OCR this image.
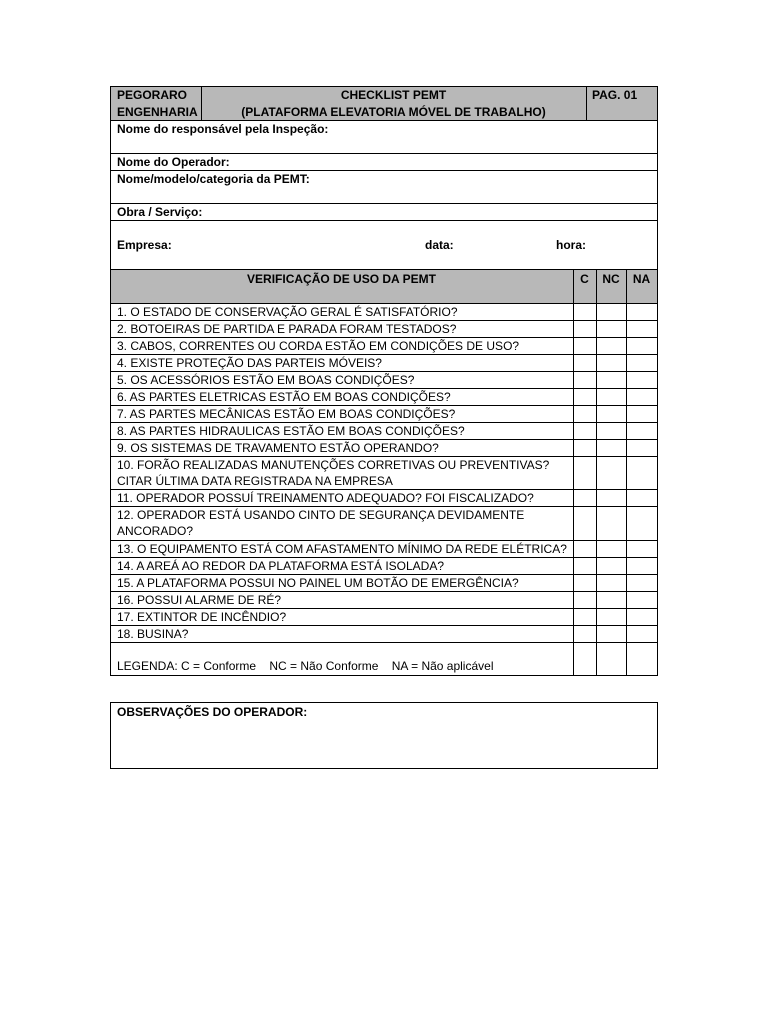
PEGORARO
ENGENHARIA
CHECKLIST PEMT
(PLATAFORMA ELEVATORIA MÓVEL DE TRABALHO)
PAG. 01
Nome do responsável pela Inspeção:
Nome do Operador:
Nome/modelo/categoria da PEMT:
Obra / Serviço:
Empresa:	data:	hora:
VERIFICAÇÃO DE USO DA PEMT	C	NC	NA
1. O ESTADO DE CONSERVAÇÃO GERAL É SATISFATÓRIO?
2. BOTOEIRAS DE PARTIDA E PARADA FORAM TESTADOS?
3. CABOS, CORRENTES OU CORDA ESTÃO EM CONDIÇÕES DE USO?
4. EXISTE PROTEÇÃO DAS PARTEIS MÓVEIS?
5. OS ACESSÓRIOS ESTÃO EM BOAS CONDIÇÕES?
6. AS PARTES ELETRICAS ESTÃO EM BOAS CONDIÇÕES?
7. AS PARTES MECÂNICAS ESTÃO EM BOAS CONDIÇÕES?
8. AS PARTES HIDRAULICAS ESTÃO EM BOAS CONDIÇÕES?
9. OS SISTEMAS DE TRAVAMENTO ESTÃO OPERANDO?
10. FORÃO REALIZADAS MANUTENÇÕES CORRETIVAS OU PREVENTIVAS?
CITAR ÚLTIMA DATA REGISTRADA NA EMPRESA
11. OPERADOR POSSUÍ TREINAMENTO ADEQUADO? FOI FISCALIZADO?
12. OPERADOR ESTÁ USANDO CINTO DE SEGURANÇA DEVIDAMENTE
ANCORADO?
13. O EQUIPAMENTO ESTÁ COM AFASTAMENTO MÍNIMO DA REDE ELÉTRICA?
14. A AREÁ AO REDOR DA PLATAFORMA ESTÁ ISOLADA?
15. A PLATAFORMA POSSUI NO PAINEL UM BOTÃO DE EMERGÊNCIA?
16. POSSUI ALARME DE RÉ?
17. EXTINTOR DE INCÊNDIO?
18. BUSINA?
LEGENDA: C = Conforme    NC = Não Conforme    NA = Não aplicável
OBSERVAÇÕES DO OPERADOR:
